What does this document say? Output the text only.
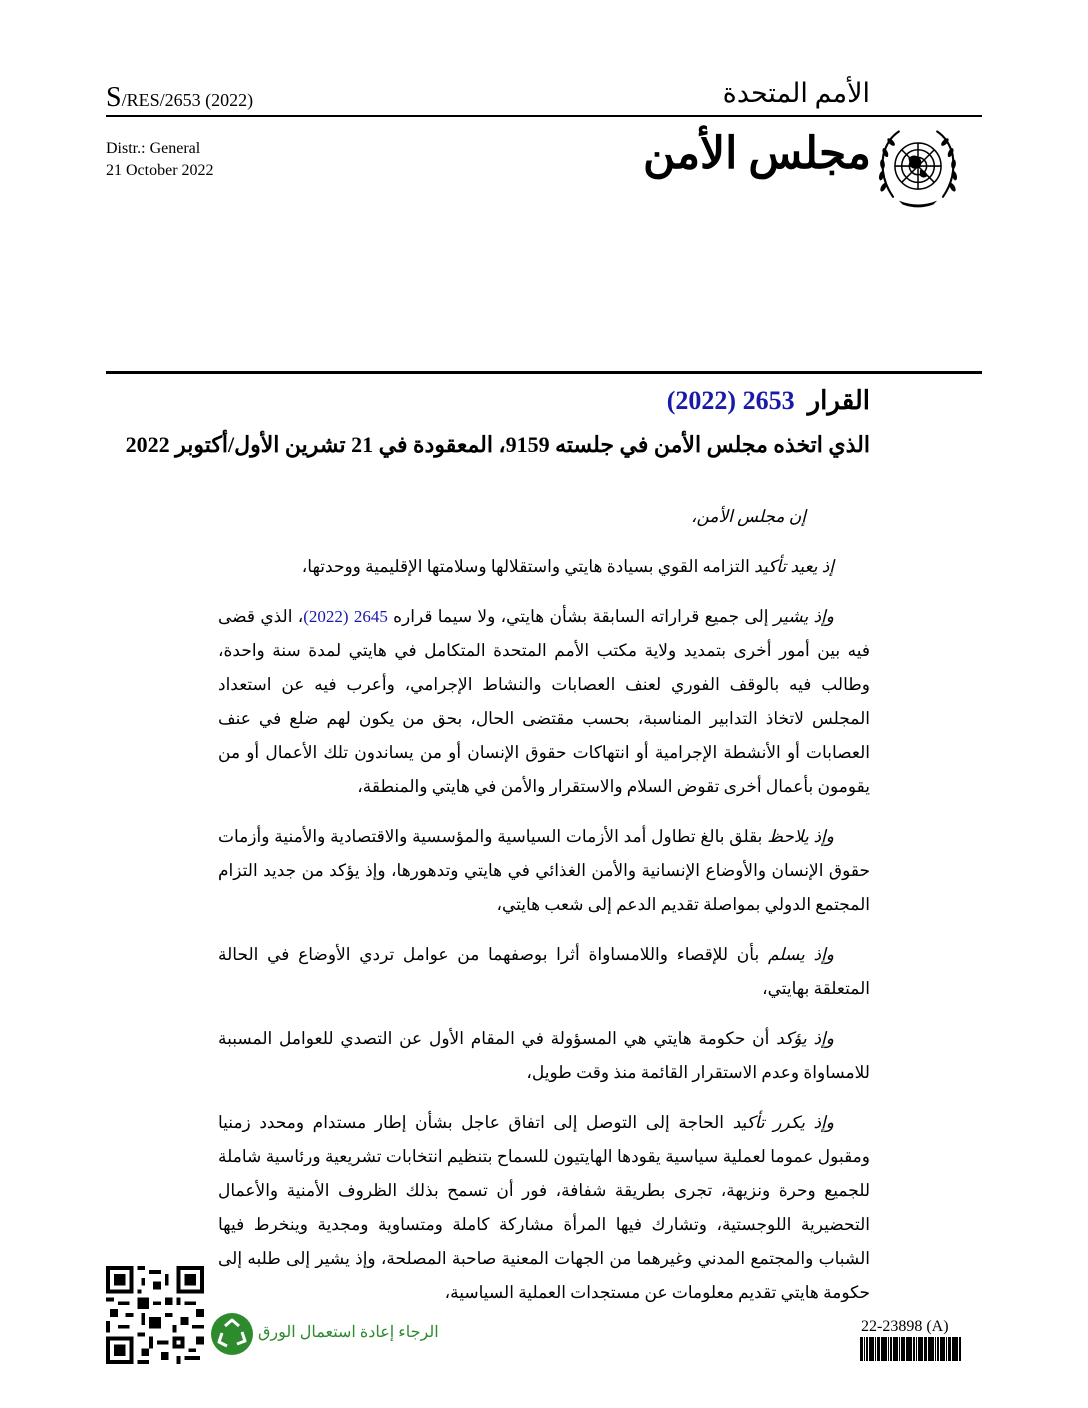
S/RES/2653 (2022)	الأمم المتحدة
Distr.: General
21 October 2022	مجلس الأمن
القرار  2653 (2022)
الذي اتخذه مجلس الأمن في جلسته 9159، المعقودة في 21 تشرين الأول/أكتوبر 2022

إن مجلس الأمن،

إذ يعيد تأكيد التزامه القوي بسيادة هايتي واستقلالها وسلامتها الإقليمية ووحدتها،

وإذ يشير إلى جميع قراراته السابقة بشأن هايتي، ولا سيما قراره 2645 (2022)، الذي قضى فيه بين أمور أخرى بتمديد ولاية مكتب الأمم المتحدة المتكامل في هايتي لمدة سنة واحدة، وطالب فيه بالوقف الفوري لعنف العصابات والنشاط الإجرامي، وأعرب فيه عن استعداد المجلس لاتخاذ التدابير المناسبة، بحسب مقتضى الحال، بحق من يكون لهم ضلع في عنف العصابات أو الأنشطة الإجرامية أو انتهاكات حقوق الإنسان أو من يساندون تلك الأعمال أو من يقومون بأعمال أخرى تقوض السلام والاستقرار والأمن في هايتي والمنطقة،

وإذ يلاحظ بقلق بالغ تطاول أمد الأزمات السياسية والمؤسسية والاقتصادية والأمنية وأزمات حقوق الإنسان والأوضاع الإنسانية والأمن الغذائي في هايتي وتدهورها، وإذ يؤكد من جديد التزام المجتمع الدولي بمواصلة تقديم الدعم إلى شعب هايتي،

وإذ يسلم بأن للإقصاء واللامساواة أثرا بوصفهما من عوامل تردي الأوضاع في الحالة المتعلقة بهايتي،

وإذ يؤكد أن حكومة هايتي هي المسؤولة في المقام الأول عن التصدي للعوامل المسببة للامساواة وعدم الاستقرار القائمة منذ وقت طويل،

وإذ يكرر تأكيد الحاجة إلى التوصل إلى اتفاق عاجل بشأن إطار مستدام ومحدد زمنيا ومقبول عموما لعملية سياسية يقودها الهايتيون للسماح بتنظيم انتخابات تشريعية ورئاسية شاملة للجميع وحرة ونزيهة، تجرى بطريقة شفافة، فور أن تسمح بذلك الظروف الأمنية والأعمال التحضيرية اللوجستية، وتشارك فيها المرأة مشاركة كاملة ومتساوية ومجدية وينخرط فيها الشباب والمجتمع المدني وغيرهما من الجهات المعنية صاحبة المصلحة، وإذ يشير إلى طلبه إلى حكومة هايتي تقديم معلومات عن مستجدات العملية السياسية،

الرجاء إعادة استعمال الورق	22-23898 (A)
